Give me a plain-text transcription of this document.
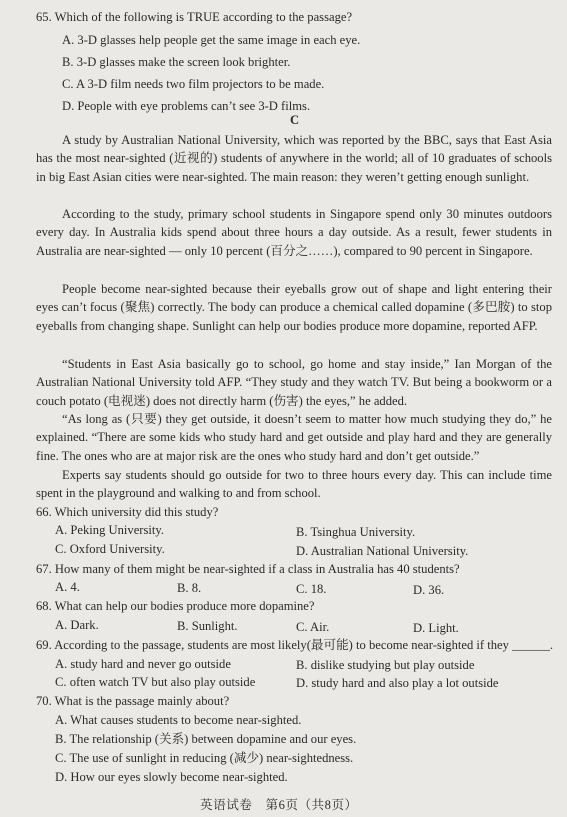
65. Which of the following is TRUE according to the passage?
A. 3-D glasses help people get the same image in each eye.
B. 3-D glasses make the screen look brighter.
C. A 3-D film needs two film projectors to be made.
D. People with eye problems can’t see 3-D films.
C
A study by Australian National University, which was reported by the BBC, says that East Asia has the most near-sighted (近视的) students of anywhere in the world; all of 10 graduates of schools in big East Asian cities were near-sighted. The main reason: they weren’t getting enough sunlight.
According to the study, primary school students in Singapore spend only 30 minutes outdoors every day. In Australia kids spend about three hours a day outside. As a result, fewer students in Australia are near-sighted — only 10 percent (百分之……), compared to 90 percent in Singapore.
People become near-sighted because their eyeballs grow out of shape and light entering their eyes can’t focus (聚焦) correctly. The body can produce a chemical called dopamine (多巴胺) to stop eyeballs from changing shape. Sunlight can help our bodies produce more dopamine, reported AFP.
“Students in East Asia basically go to school, go home and stay inside,” Ian Morgan of the Australian National University told AFP. “They study and they watch TV. But being a bookworm or a couch potato (电视迷) does not directly harm (伤害) the eyes,” he added.
“As long as (只要) they get outside, it doesn’t seem to matter how much studying they do,” he explained. “There are some kids who study hard and get outside and play hard and they are generally fine. The ones who are at major risk are the ones who study hard and don’t get outside.”
Experts say students should go outside for two to three hours every day. This can include time spent in the playground and walking to and from school.
66. Which university did this study?
A. Peking University.	B. Tsinghua University.
C. Oxford University.	D. Australian National University.
67. How many of them might be near-sighted if a class in Australia has 40 students?
A. 4.	B. 8.	C. 18.	D. 36.
68. What can help our bodies produce more dopamine?
A. Dark.	B. Sunlight.	C. Air.	D. Light.
69. According to the passage, students are most likely(最可能) to become near-sighted if they ______.
A. study hard and never go outside	B. dislike studying but play outside
C. often watch TV but also play outside	D. study hard and also play a lot outside
70. What is the passage mainly about?
A. What causes students to become near-sighted.
B. The relationship (关系) between dopamine and our eyes.
C. The use of sunlight in reducing (减少) near-sightedness.
D. How our eyes slowly become near-sighted.
英语试卷　第6页（共8页）
